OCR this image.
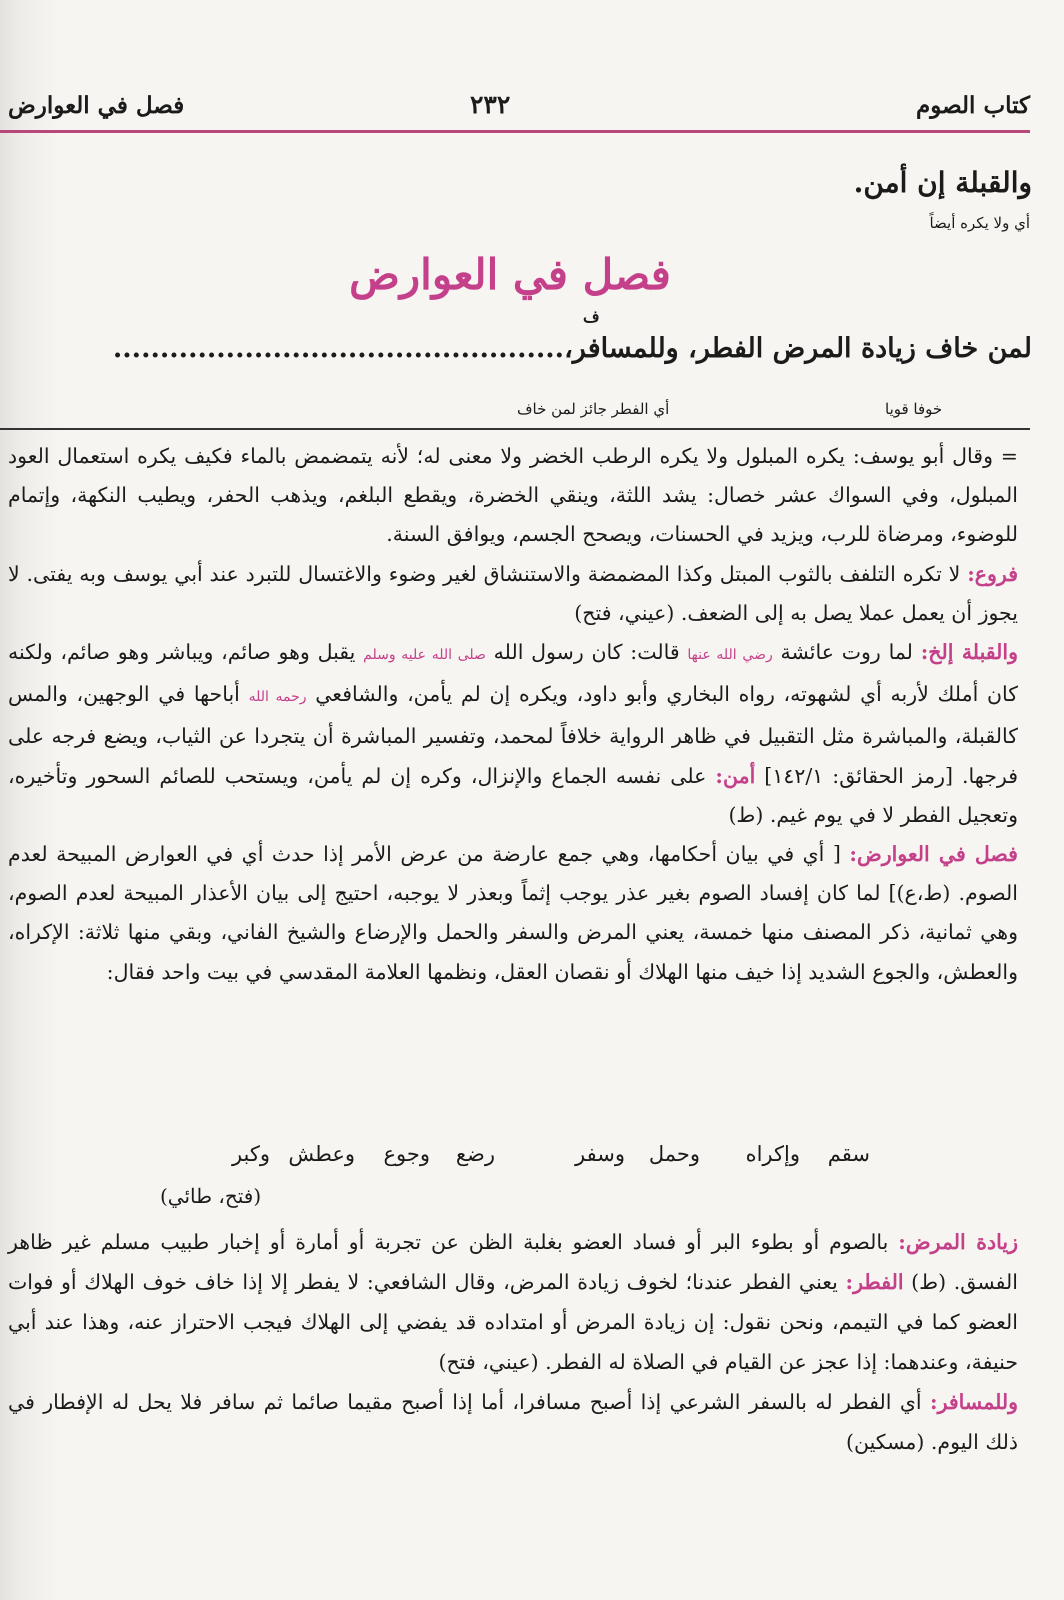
فصل في العوارض	٢٣٢	كتاب الصوم
والقبلة إن أمن.
أي ولا يكره أيضاً
فصل في العوارض
ف
لمن خاف زيادة المرض الفطر، وللمسافر،................................................
خوفا قويا
أي الفطر جائز لمن خاف

= وقال أبو يوسف: يكره المبلول ولا يكره الرطب الخضر ولا معنى له؛ لأنه يتمضمض بالماء فكيف يكره استعمال العود المبلول، وفي السواك عشر خصال: يشد اللثة، وينقي الخضرة، ويقطع البلغم، ويذهب الحفر، ويطيب النكهة، وإتمام للوضوء، ومرضاة للرب، ويزيد في الحسنات، ويصحح الجسم، ويوافق السنة.

فروع: لا تكره التلفف بالثوب المبتل وكذا المضمضة والاستنشاق لغير وضوء والاغتسال للتبرد عند أبي يوسف وبه يفتى. لا يجوز أن يعمل عملا يصل به إلى الضعف. (عيني، فتح)

والقبلة إلخ: لما روت عائشة رضي الله عنها قالت: كان رسول الله صلى الله عليه وسلم يقبل وهو صائم، ويباشر وهو صائم، ولكنه كان أملك لأربه أي لشهوته، رواه البخاري وأبو داود، ويكره إن لم يأمن، والشافعي رحمه الله أباحها في الوجهين، والمس كالقبلة، والمباشرة مثل التقبيل في ظاهر الرواية خلافاً لمحمد، وتفسير المباشرة أن يتجردا عن الثياب، ويضع فرجه على فرجها. [رمز الحقائق: ١٤٢/١] أمن: على نفسه الجماع والإنزال، وكره إن لم يأمن، ويستحب للصائم السحور وتأخيره، وتعجيل الفطر لا في يوم غيم. (ط)

فصل في العوارض: [ أي في بيان أحكامها، وهي جمع عارضة من عرض الأمر إذا حدث أي في العوارض المبيحة لعدم الصوم. (ط،ع)] لما كان إفساد الصوم بغير عذر يوجب إثماً وبعذر لا يوجبه، احتيج إلى بيان الأعذار المبيحة لعدم الصوم، وهي ثمانية، ذكر المصنف منها خمسة، يعني المرض والسفر والحمل والإرضاع والشيخ الفاني، وبقي منها ثلاثة: الإكراه، والعطش، والجوع الشديد إذا خيف منها الهلاك أو نقصان العقل، ونظمها العلامة المقدسي في بيت واحد فقال:

سقم
وإكراه
وحمل
وسفر
رضع
وجوع
وعطش
وكبر
(فتح، طائي)

زيادة المرض: بالصوم أو بطوء البر أو فساد العضو بغلبة الظن عن تجربة أو أمارة أو إخبار طبيب مسلم غير ظاهر الفسق. (ط) الفطر: يعني الفطر عندنا؛ لخوف زيادة المرض، وقال الشافعي: لا يفطر إلا إذا خاف خوف الهلاك أو فوات العضو كما في التيمم، ونحن نقول: إن زيادة المرض أو امتداده قد يفضي إلى الهلاك فيجب الاحتراز عنه، وهذا عند أبي حنيفة، وعندهما: إذا عجز عن القيام في الصلاة له الفطر. (عيني، فتح)

وللمسافر: أي الفطر له بالسفر الشرعي إذا أصبح مسافرا، أما إذا أصبح مقيما صائما ثم سافر فلا يحل له الإفطار في ذلك اليوم. (مسكين)
